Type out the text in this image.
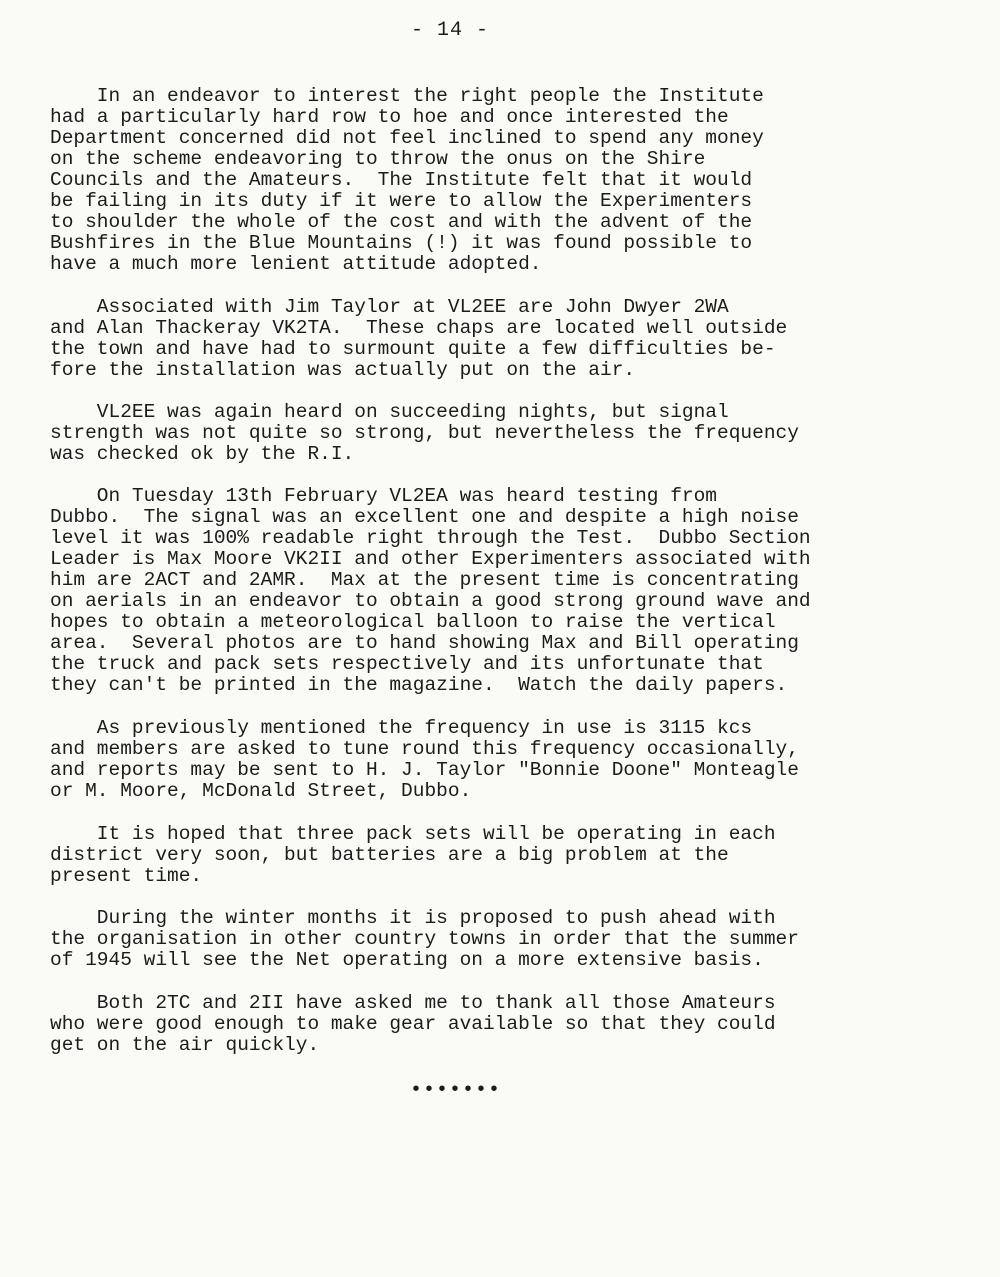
- 14 -
In an endeavor to interest the right people the Institute
had a particularly hard row to hoe and once interested the
Department concerned did not feel inclined to spend any money
on the scheme endeavoring to throw the onus on the Shire
Councils and the Amateurs.  The Institute felt that it would
be failing in its duty if it were to allow the Experimenters
to shoulder the whole of the cost and with the advent of the
Bushfires in the Blue Mountains (!) it was found possible to
have a much more lenient attitude adopted.
Associated with Jim Taylor at VL2EE are John Dwyer 2WA
and Alan Thackeray VK2TA.  These chaps are located well outside
the town and have had to surmount quite a few difficulties be-
fore the installation was actually put on the air.
VL2EE was again heard on succeeding nights, but signal
strength was not quite so strong, but nevertheless the frequency
was checked ok by the R.I.
On Tuesday 13th February VL2EA was heard testing from
Dubbo.  The signal was an excellent one and despite a high noise
level it was 100% readable right through the Test.  Dubbo Section
Leader is Max Moore VK2II and other Experimenters associated with
him are 2ACT and 2AMR.  Max at the present time is concentrating
on aerials in an endeavor to obtain a good strong ground wave and
hopes to obtain a meteorological balloon to raise the vertical
area.  Several photos are to hand showing Max and Bill operating
the truck and pack sets respectively and its unfortunate that
they can't be printed in the magazine.  Watch the daily papers.
As previously mentioned the frequency in use is 3115 kcs
and members are asked to tune round this frequency occasionally,
and reports may be sent to H. J. Taylor "Bonnie Doone" Monteagle
or M. Moore, McDonald Street, Dubbo.
It is hoped that three pack sets will be operating in each
district very soon, but batteries are a big problem at the
present time.
During the winter months it is proposed to push ahead with
the organisation in other country towns in order that the summer
of 1945 will see the Net operating on a more extensive basis.
Both 2TC and 2II have asked me to thank all those Amateurs
who were good enough to make gear available so that they could
get on the air quickly.
•••••••
